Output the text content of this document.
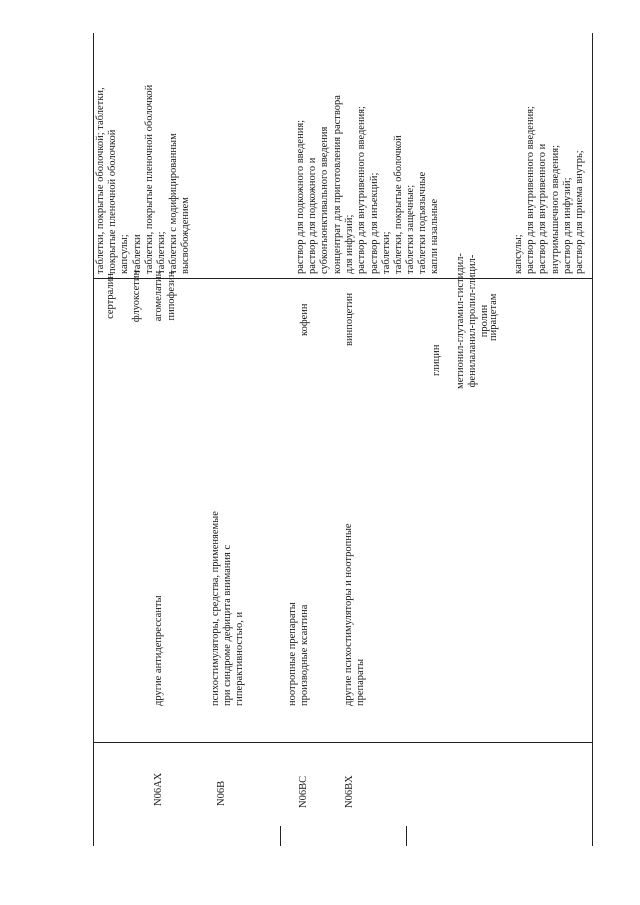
N06AX
другие антидепрессанты
сертралин флуоксетин агомелатин пипофезин
таблетки, покрытые оболочкой; таблетки, покрытые пленочной оболочкой капсулы; таблетки таблетки, покрытые пленочной оболочкой таблетки; таблетки с модифицированным высвобождением
N06B
психостимуляторы, средства, применяемые при синдроме дефицита внимания с гиперактивностью, и	ноотропные препараты
N06BC
производные ксантина
кофеин
раствор для подкожного введения; раствор для подкожного и субконъюнктивального введения
N06BX
другие психостимуляторы и ноотропные препараты
винпоцетин
концентрат для приготовления раствора для инфузий; раствор для внутривенного введения; раствор для инъекций; таблетки; таблетки, покрытые оболочкой
глицин
таблетки защечные; таблетки подъязычные
метионил-глутамил-гистидил- фенилаланил-пролил-глицил- пролин
капли назальные
пирацетам
капсулы; раствор для внутривенного введения; раствор для внутривенного и внутримышечного введения; раствор для инфузий; раствор для приема внутрь;
